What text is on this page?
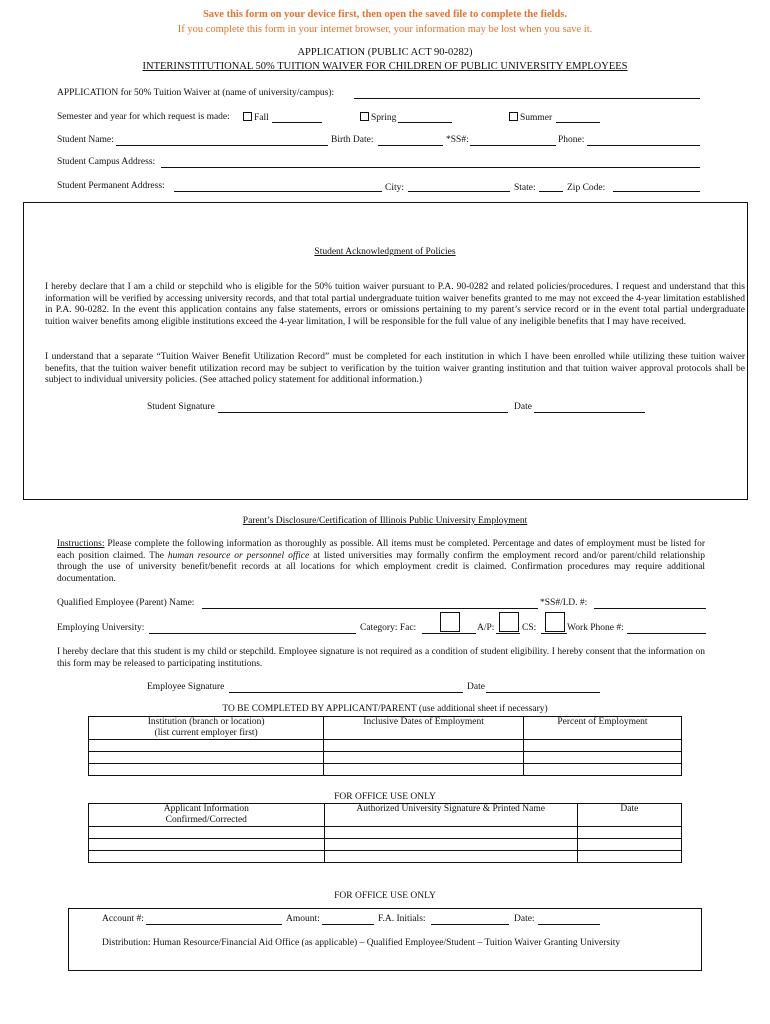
Save this form on your device first, then open the saved file to complete the fields.
If you complete this form in your internet browser, your information may be lost when you save it.
APPLICATION (PUBLIC ACT 90-0282)
INTERINSTITUTIONAL 50% TUITION WAIVER FOR CHILDREN OF PUBLIC UNIVERSITY EMPLOYEES
APPLICATION for 50% Tuition Waiver at (name of university/campus):
Semester and year for which request is made:	Fall	Spring	Summer
Student Name:	Birth Date:	*SS#:	Phone:
Student Campus Address:
Student Permanent Address:	City:	State:	Zip Code:
Student Acknowledgment of Policies
I hereby declare that I am a child or stepchild who is eligible for the 50% tuition waiver pursuant to P.A. 90-0282 and related policies/procedures. I request and understand that this information will be verified by accessing university records, and that total partial undergraduate tuition waiver benefits granted to me may not exceed the 4-year limitation established in P.A. 90-0282. In the event this application contains any false statements, errors or omissions pertaining to my parent’s service record or in the event total partial undergraduate tuition waiver benefits among eligible institutions exceed the 4-year limitation, I will be responsible for the full value of any ineligible benefits that I may have received.
I understand that a separate “Tuition Waiver Benefit Utilization Record” must be completed for each institution in which I have been enrolled while utilizing these tuition waiver benefits, that the tuition waiver benefit utilization record may be subject to verification by the tuition waiver granting institution and that tuition waiver approval protocols shall be subject to individual university policies. (See attached policy statement for additional information.)
Student Signature	Date
Parent’s Disclosure/Certification of Illinois Public University Employment
Instructions: Please complete the following information as thoroughly as possible. All items must be completed. Percentage and dates of employment must be listed for each position claimed. The human resource or personnel office at listed universities may formally confirm the employment record and/or parent/child relationship through the use of university benefit/benefit records at all locations for which employment credit is claimed. Confirmation procedures may require additional documentation.
Qualified Employee (Parent) Name:	*SS#/I.D. #:
Employing University:	Category: Fac:	A/P:	CS:	Work Phone #:
I hereby declare that this student is my child or stepchild. Employee signature is not required as a condition of student eligibility. I hereby consent that the information on this form may be released to participating institutions.
Employee Signature	Date
TO BE COMPLETED BY APPLICANT/PARENT (use additional sheet if necessary)
Institution (branch or location)
(list current employer first)	Inclusive Dates of Employment	Percent of Employment

FOR OFFICE USE ONLY
Applicant Information
Confirmed/Corrected	Authorized University Signature & Printed Name	Date

FOR OFFICE USE ONLY
Account #:	Amount:	F.A. Initials:	Date:
Distribution: Human Resource/Financial Aid Office (as applicable) – Qualified Employee/Student – Tuition Waiver Granting University
